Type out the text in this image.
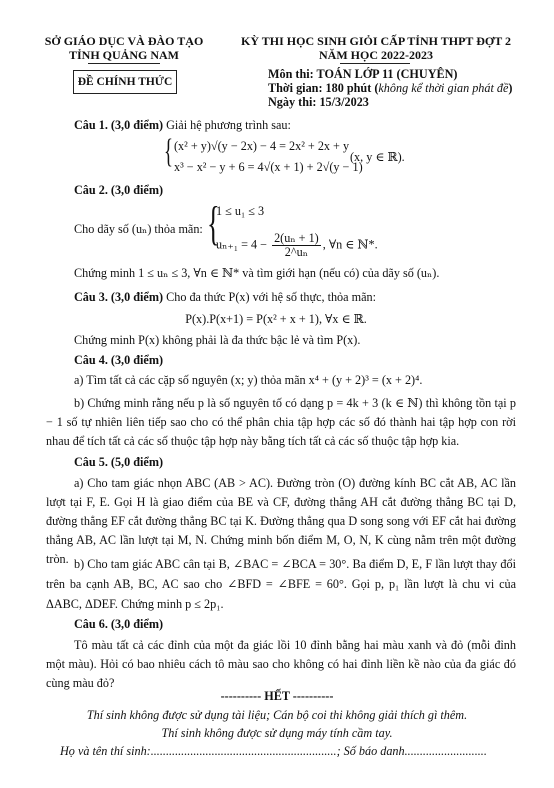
SỞ GIÁO DỤC VÀ ĐÀO TẠO
TỈNH QUẢNG NAM
ĐỀ CHÍNH THỨC
KỲ THI HỌC SINH GIỎI CẤP TỈNH THPT ĐỢT 2
NĂM HỌC 2022-2023
Môn thi: TOÁN LỚP 11 (CHUYÊN)
Thời gian: 180 phút (không kể thời gian phát đề)
Ngày thi: 15/3/2023
Câu 1. (3,0 điểm) Giải hệ phương trình sau:
{ (x² + y)√(y − 2x) − 4 = 2x² + 2x + y
x³ − x² − y + 6 = 4√(x + 1) + 2√(y − 1)
(x, y ∈ ℝ).
Câu 2. (3,0 điểm)
Cho dãy số (uₙ) thỏa mãn: {
1 ≤ u₁ ≤ 3
$u_{n+1} = 4 - \frac{\text{2(uₙ + 1)}}{\text{2\textasciicircum{}uₙ}}$ , ∀n ∈ ℕ*.
Chứng minh 1 ≤ uₙ ≤ 3, ∀n ∈ ℕ* và tìm giới hạn (nếu có) của dãy số (uₙ).
Câu 3. (3,0 điểm) Cho đa thức P(x) với hệ số thực, thỏa mãn:
P(x).P(x+1) = P(x² + x + 1), ∀x ∈ ℝ.
Chứng minh P(x) không phải là đa thức bậc lẻ và tìm P(x).
Câu 4. (3,0 điểm)
a) Tìm tất cả các cặp số nguyên (x; y) thỏa mãn x⁴ + (y + 2)³ = (x + 2)⁴.
b) Chứng minh rằng nếu p là số nguyên tố có dạng p = 4k + 3 (k ∈ ℕ) thì không tồn tại p − 1 số tự nhiên liên tiếp sao cho có thể phân chia tập hợp các số đó thành hai tập hợp con rời nhau để tích tất cả các số thuộc tập hợp này bằng tích tất cả các số thuộc tập hợp kia.
Câu 5. (5,0 điểm)
a) Cho tam giác nhọn ABC (AB > AC). Đường tròn (O) đường kính BC cắt AB, AC lần lượt tại F, E. Gọi H là giao điểm của BE và CF, đường thẳng AH cắt đường thẳng BC tại D, đường thẳng EF cắt đường thẳng BC tại K. Đường thẳng qua D song song với EF cắt hai đường thẳng AB, AC lần lượt tại M, N. Chứng minh bốn điểm M, O, N, K cùng nằm trên một đường tròn. b) Cho tam giác ABC cân tại B, ∠BAC = ∠BCA = 30°. Ba điểm D, E, F lần lượt thay đổi trên ba cạnh AB, BC, AC sao cho ∠BFD = ∠BFE = 60°. Gọi p, p₁ lần lượt là chu vi của ΔABC, ΔDEF. Chứng minh p ≤ 2p₁.
Câu 6. (3,0 điểm)
Tô màu tất cả các đỉnh của một đa giác lồi 10 đỉnh bằng hai màu xanh và đỏ (mỗi đỉnh một màu). Hỏi có bao nhiêu cách tô màu sao cho không có hai đỉnh liền kề nào của đa giác đó cùng màu đỏ?
---------- HẾT ----------
Thí sinh không được sử dụng tài liệu; Cán bộ coi thi không giải thích gì thêm.
Thí sinh không được sử dụng máy tính cầm tay.
Họ và tên thí sinh:.............................................................; Số báo danh...........................
